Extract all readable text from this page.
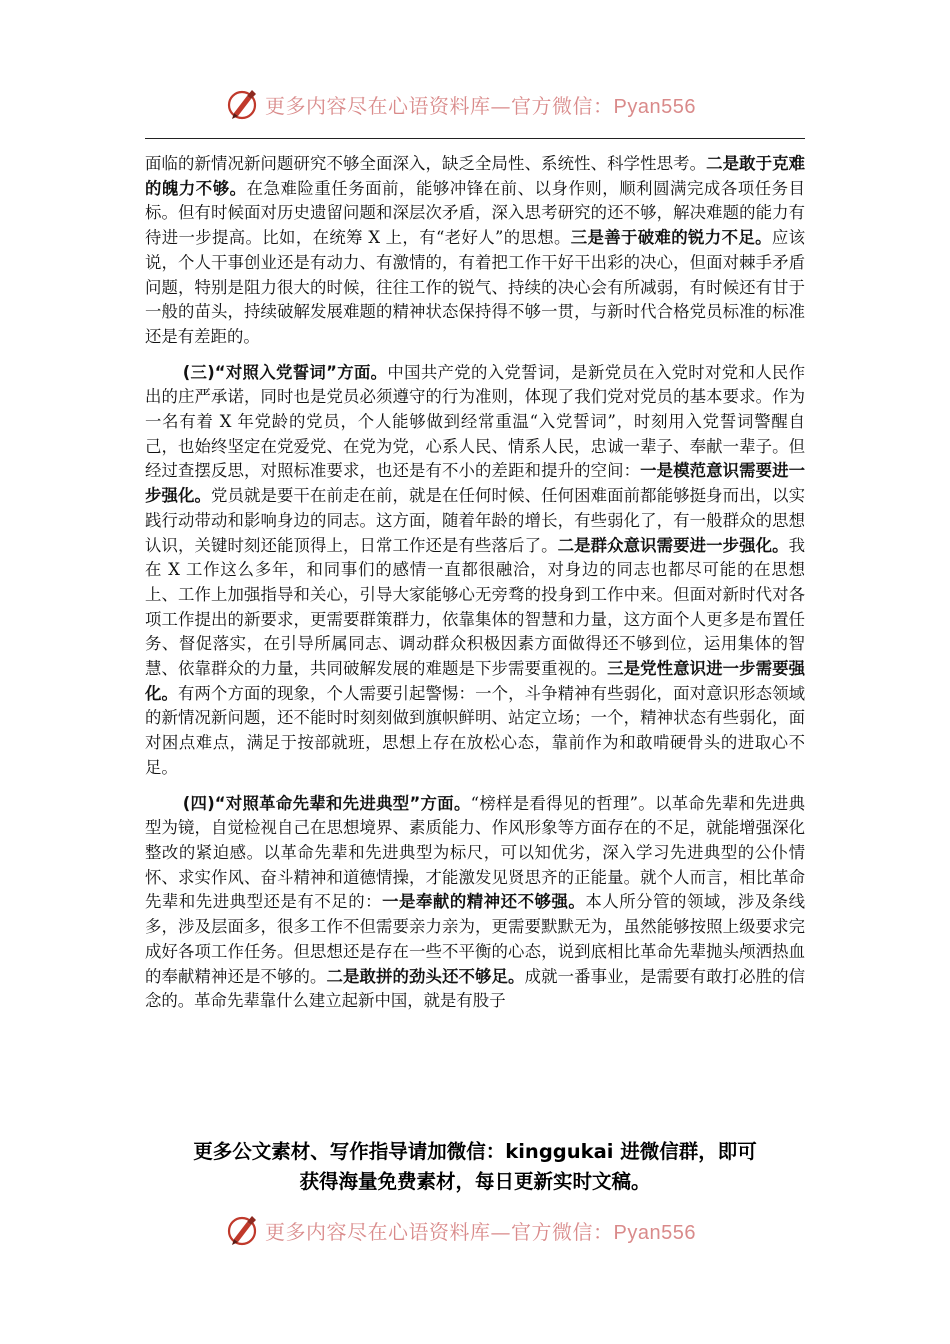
更多内容尽在心语资料库—官方微信：Pyan556

面临的新情况新问题研究不够全面深入，缺乏全局性、系统性、科学性思考。二是敢于克难的魄力不够。在急难险重任务面前，能够冲锋在前、以身作则，顺利圆满完成各项任务目标。但有时候面对历史遗留问题和深层次矛盾，深入思考研究的还不够，解决难题的能力有待进一步提高。比如，在统筹 X 上，有“老好人”的思想。三是善于破难的锐力不足。应该说，个人干事创业还是有动力、有激情的，有着把工作干好干出彩的决心，但面对棘手矛盾问题，特别是阻力很大的时候，往往工作的锐气、持续的决心会有所减弱，有时候还有甘于一般的苗头，持续破解发展难题的精神状态保持得不够一贯，与新时代合格党员标准的标准还是有差距的。

(三)“对照入党誓词”方面。中国共产党的入党誓词，是新党员在入党时对党和人民作出的庄严承诺，同时也是党员必须遵守的行为准则，体现了我们党对党员的基本要求。作为一名有着 X 年党龄的党员，个人能够做到经常重温“入党誓词”，时刻用入党誓词警醒自己，也始终坚定在党爱党、在党为党，心系人民、情系人民，忠诚一辈子、奉献一辈子。但经过查摆反思，对照标准要求，也还是有不小的差距和提升的空间：一是模范意识需要进一步强化。党员就是要干在前走在前，就是在任何时候、任何困难面前都能够挺身而出，以实践行动带动和影响身边的同志。这方面，随着年龄的增长，有些弱化了，有一般群众的思想认识，关键时刻还能顶得上，日常工作还是有些落后了。二是群众意识需要进一步强化。我在 X 工作这么多年，和同事们的感情一直都很融洽，对身边的同志也都尽可能的在思想上、工作上加强指导和关心，引导大家能够心无旁骛的投身到工作中来。但面对新时代对各项工作提出的新要求，更需要群策群力，依靠集体的智慧和力量，这方面个人更多是布置任务、督促落实，在引导所属同志、调动群众积极因素方面做得还不够到位，运用集体的智慧、依靠群众的力量，共同破解发展的难题是下步需要重视的。三是党性意识进一步需要强化。有两个方面的现象，个人需要引起警惕：一个，斗争精神有些弱化，面对意识形态领域的新情况新问题，还不能时时刻刻做到旗帜鲜明、站定立场；一个，精神状态有些弱化，面对困点难点，满足于按部就班，思想上存在放松心态，靠前作为和敢啃硬骨头的进取心不足。

(四)“对照革命先辈和先进典型”方面。“榜样是看得见的哲理”。以革命先辈和先进典型为镜，自觉检视自己在思想境界、素质能力、作风形象等方面存在的不足，就能增强深化整改的紧迫感。以革命先辈和先进典型为标尺，可以知优劣，深入学习先进典型的公仆情怀、求实作风、奋斗精神和道德情操，才能激发见贤思齐的正能量。就个人而言，相比革命先辈和先进典型还是有不足的：一是奉献的精神还不够强。本人所分管的领域，涉及条线多，涉及层面多，很多工作不但需要亲力亲为，更需要默默无为，虽然能够按照上级要求完成好各项工作任务。但思想还是存在一些不平衡的心态，说到底相比革命先辈抛头颅洒热血的奉献精神还是不够的。二是敢拼的劲头还不够足。成就一番事业，是需要有敢打必胜的信念的。革命先辈靠什么建立起新中国，就是有股子

更多公文素材、写作指导请加微信：kinggukai 进微信群，即可
获得海量免费素材，每日更新实时文稿。
更多内容尽在心语资料库—官方微信：Pyan556
